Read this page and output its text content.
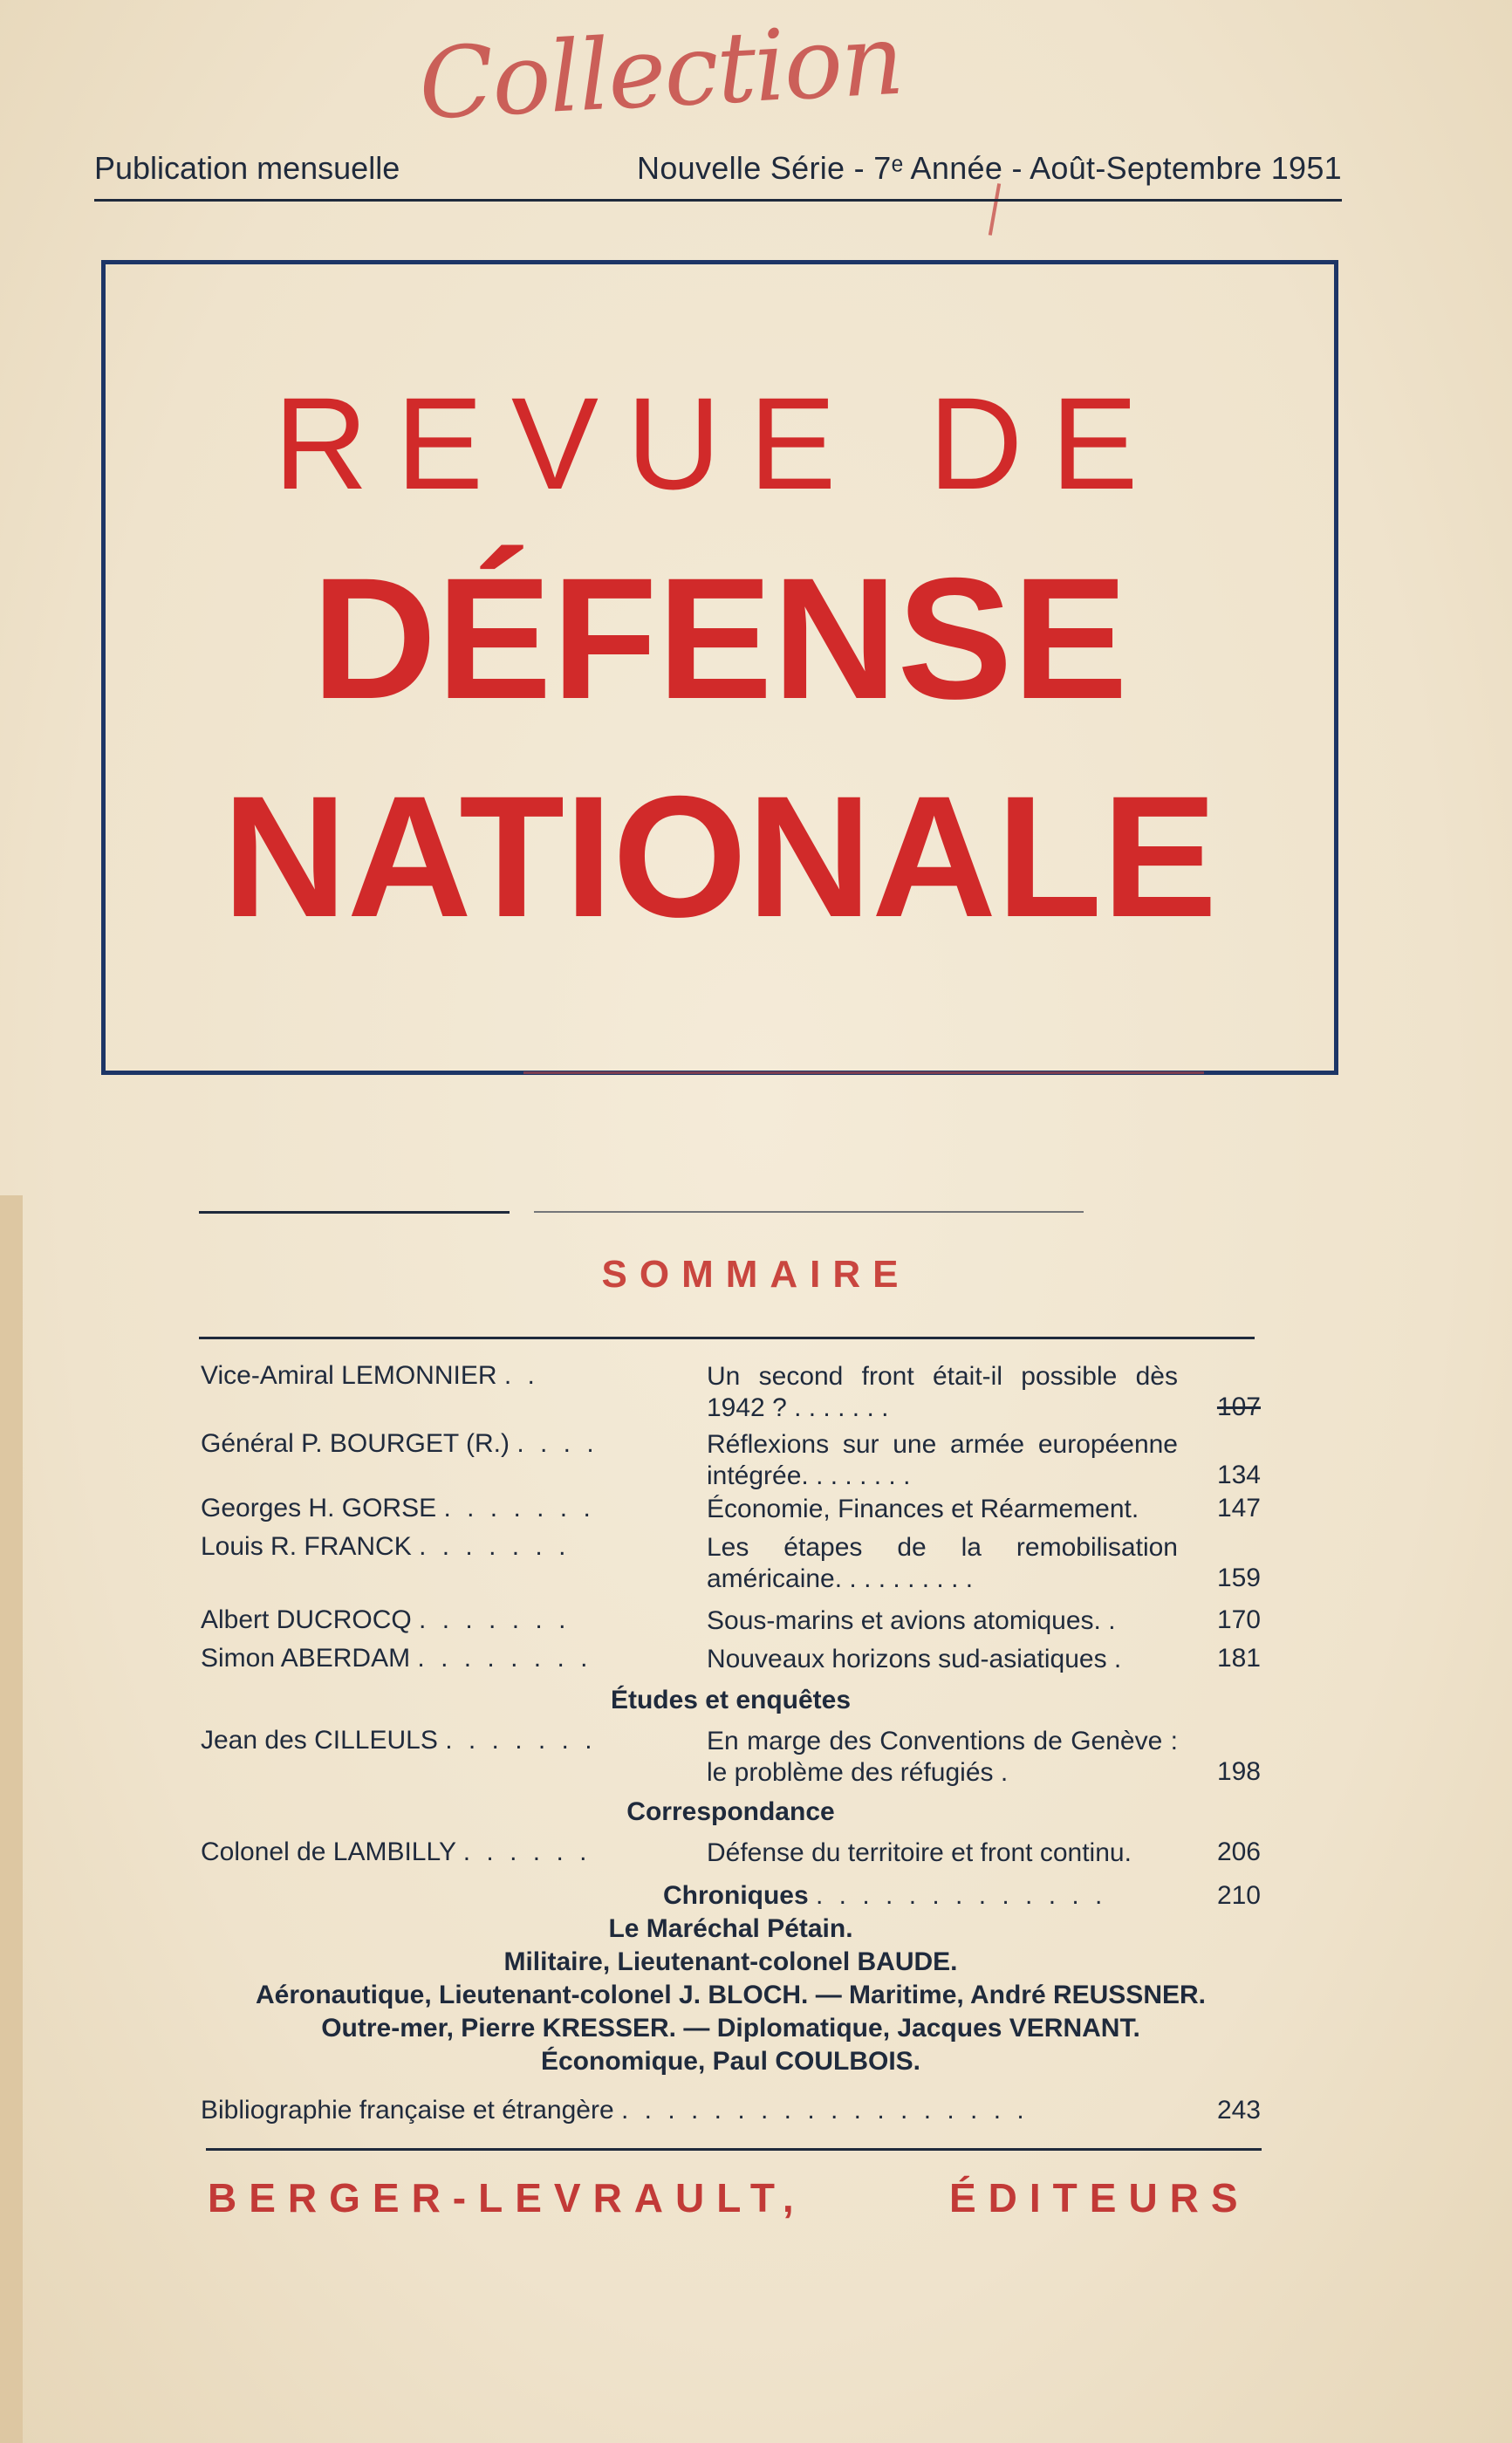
Collection
Publication mensuelle	Nouvelle Série - 7ᵉ Année - Août-Septembre 1951
REVUE DE
DÉFENSE
NATIONALE
SOMMAIRE
Vice-Amiral LEMONNIER . .	Un second front était-il possible dès 1942 ? . . . . . . .	107
Général P. BOURGET (R.) . . . .	Réflexions sur une armée européenne intégrée. . . . . . . .	134
Georges H. GORSE . . . . . . .	Économie, Finances et Réarmement.	147
Louis R. FRANCK . . . . . . .	Les étapes de la remobilisation américaine. . . . . . . . . .	159
Albert DUCROCQ . . . . . . .	Sous-marins et avions atomiques. .	170
Simon ABERDAM . . . . . . . .	Nouveaux horizons sud-asiatiques .	181
Études et enquêtes
Jean des CILLEULS . . . . . . .	En marge des Conventions de Genève : le problème des réfugiés .	198
Correspondance
Colonel de LAMBILLY . . . . . .	Défense du territoire et front continu.	206
Chroniques . . . . . . . . . . . . .	210
Le Maréchal Pétain.
Militaire, Lieutenant-colonel BAUDE.
Aéronautique, Lieutenant-colonel J. BLOCH. — Maritime, André REUSSNER.
Outre-mer, Pierre KRESSER. — Diplomatique, Jacques VERNANT.
Économique, Paul COULBOIS.
Bibliographie française et étrangère . . . . . . . . . . . . . . . . . .	243
BERGER-LEVRAULT,	ÉDITEURS
